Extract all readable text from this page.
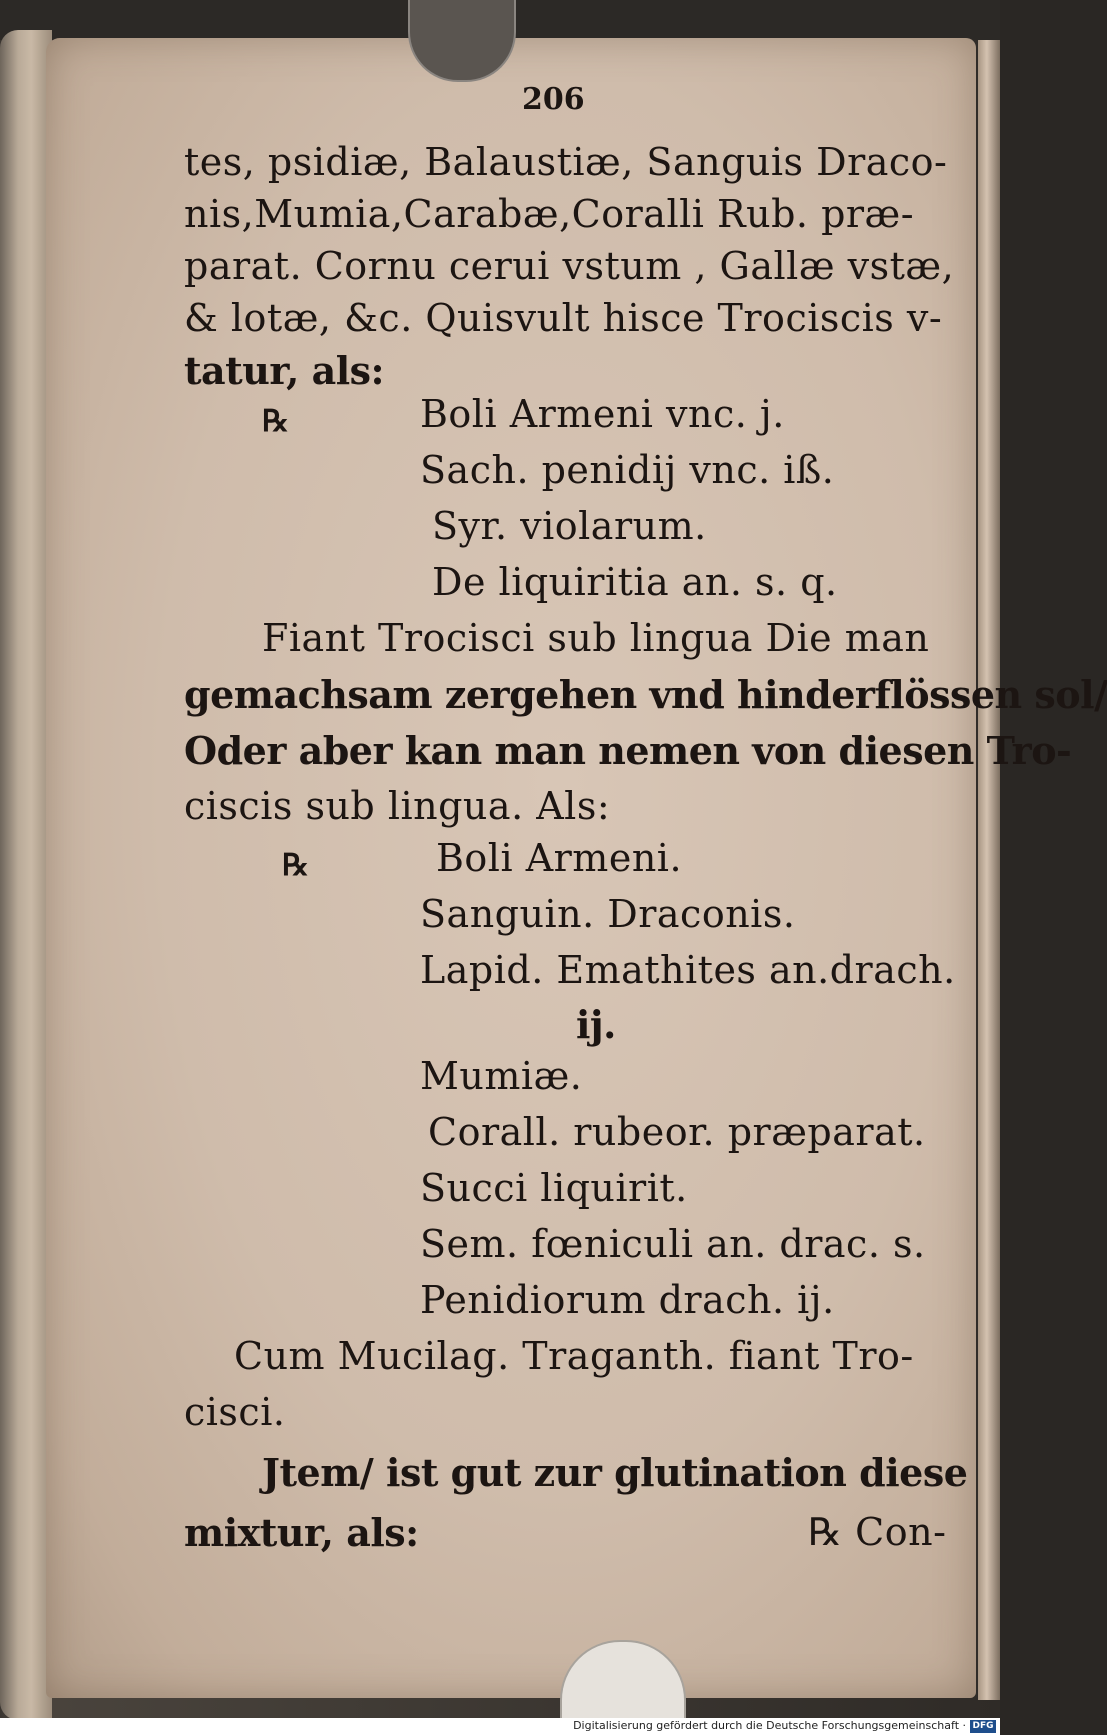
206
tes, psidiæ, Balaustiæ, Sanguis Draco-
nis,Mumia,Carabæ,Coralli Rub. præ-
parat. Cornu cerui vstum , Gallæ vstæ,
& lotæ, &c. Quisvult hisce Trociscis v-
tatur, als:
℞	Boli Armeni vnc. j.
Sach. penidij vnc. iß.
Syr. violarum.
De liquiritia an. s. q.
Fiant Trocisci sub lingua Die man
gemachsam zergehen vnd hinderflössen sol/
Oder aber kan man nemen von diesen Tro-
ciscis sub lingua. Als:
℞	Boli Armeni.
Sanguin. Draconis.
Lapid. Emathites an.drach.
ij.
Mumiæ.
Corall. rubeor. præparat.
Succi liquirit.
Sem. fœniculi an. drac. s.
Penidiorum drach. ij.
Cum Mucilag. Traganth. fiant Tro-
cisci.
Jtem/ ist gut zur glutination diese
mixtur, als:	℞ Con-
Digitalisierung gefördert durch die Deutsche Forschungsgemeinschaft · DFG
